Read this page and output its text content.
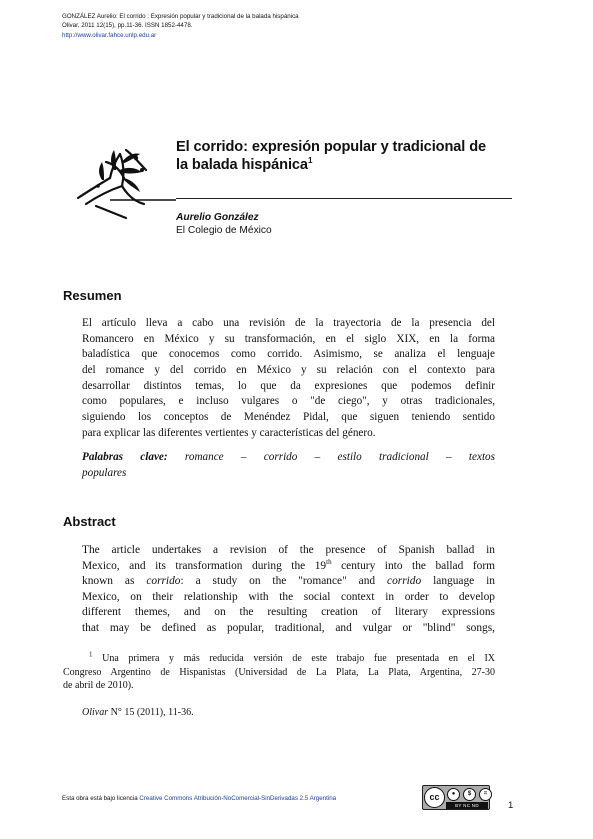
GONZÁLEZ Aurelio: El corrido : Expresión popular y tradicional de la balada hispánica
Olivar, 2011 12(15), pp.11-36. ISSN 1852-4478.
http://www.olivar.fahce.unlp.edu.ar
El corrido: expresión popular y tradicional de
la balada hispánica$^1$
Aurelio González
El Colegio de México
Resumen
El artículo lleva a cabo una revisión de la trayectoria de la presencia del
Romancero en México y su transformación, en el siglo XIX, en la forma
baladística que conocemos como corrido. Asimismo, se analiza el lenguaje
del romance y del corrido en México y su relación con el contexto para
desarrollar distintos temas, lo que da expresiones que podemos definir
como populares, e incluso vulgares o "de ciego", y otras tradicionales,
siguiendo los conceptos de Menéndez Pidal, que siguen teniendo sentido
para explicar las diferentes vertientes y características del género.
Palabras clave: romance – corrido – estilo tradicional – textos
populares
Abstract
The article undertakes a revision of the presence of Spanish ballad in
Mexico, and its transformation during the 19th century into the ballad form
known as corrido: a study on the "romance" and corrido language in
Mexico, on their relationship with the social context in order to develop
different themes, and on the resulting creation of literary expressions
that may be defined as popular, traditional, and vulgar or "blind" songs,
$^1$ Una primera y más reducida versión de este trabajo fue presentada en el IX
Congreso Argentino de Hispanistas (Universidad de La Plata, La Plata, Argentina, 27-30
de abril de 2010).
Olivar N° 15 (2011), 11-36.
Esta obra está bajo licencia Creative Commons Atribución-NoComercial-SinDerivadas 2.5 Argentina	cc	●	$	=
BY NC ND	1
